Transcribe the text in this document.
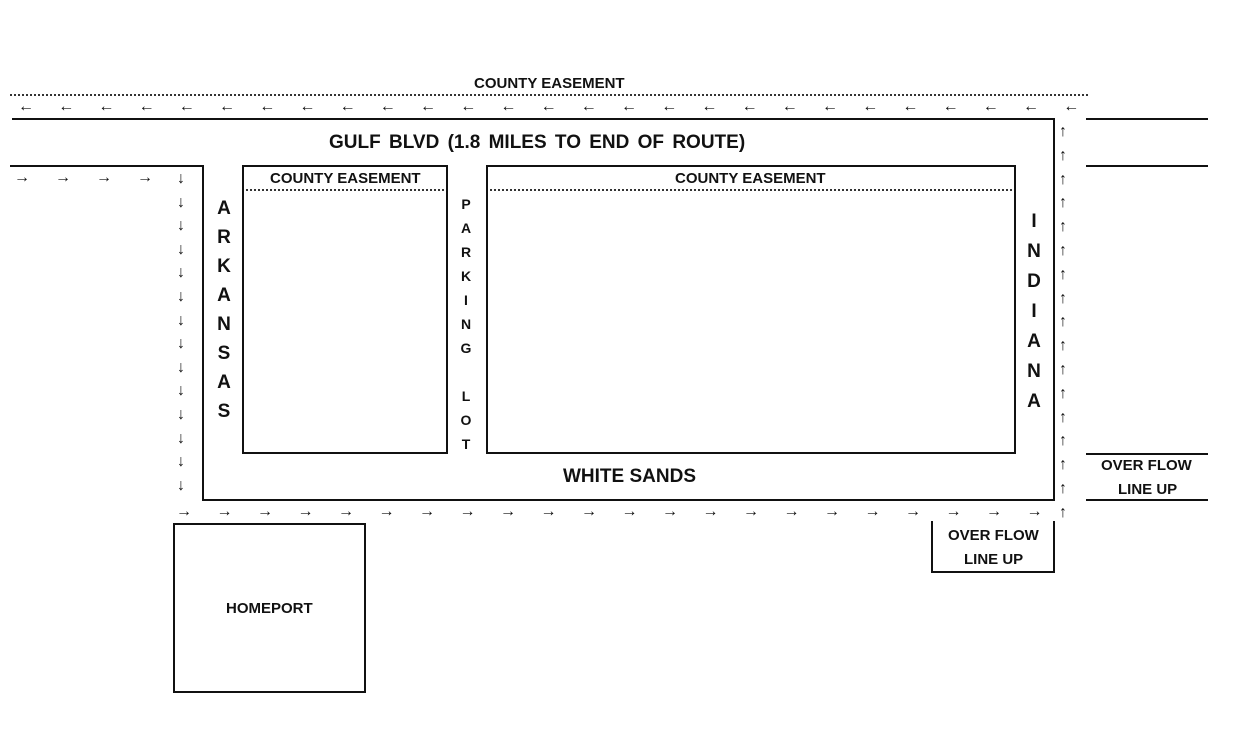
COUNTY EASEMENT
GULF BLVD (1.8 MILES TO END OF ROUTE)
COUNTY EASEMENT	COUNTY EASEMENT
WHITE SANDS
HOMEPORT
OVER FLOW
LINE UP
OVER FLOW
LINE UP
A
R
K
A
N
S
A
S
P
A
R
K
I
N
G

L
O
T
I
N
D
I
A
N
A
← ← ← ← ← ← ← ← ← ← ← ← ← ← ← ← ← ← ← ← ← ← ← ← ← ← ←
→ → → → ↓
↓
↓
↓
↓
↓
↓
↓
↓
↓
↓
↓
↓
↓
→ → → → → → → → → → → → → → → → → → → → → →
↑
↑
↑
↑
↑
↑
↑
↑
↑
↑
↑
↑
↑
↑
↑
↑
↑
